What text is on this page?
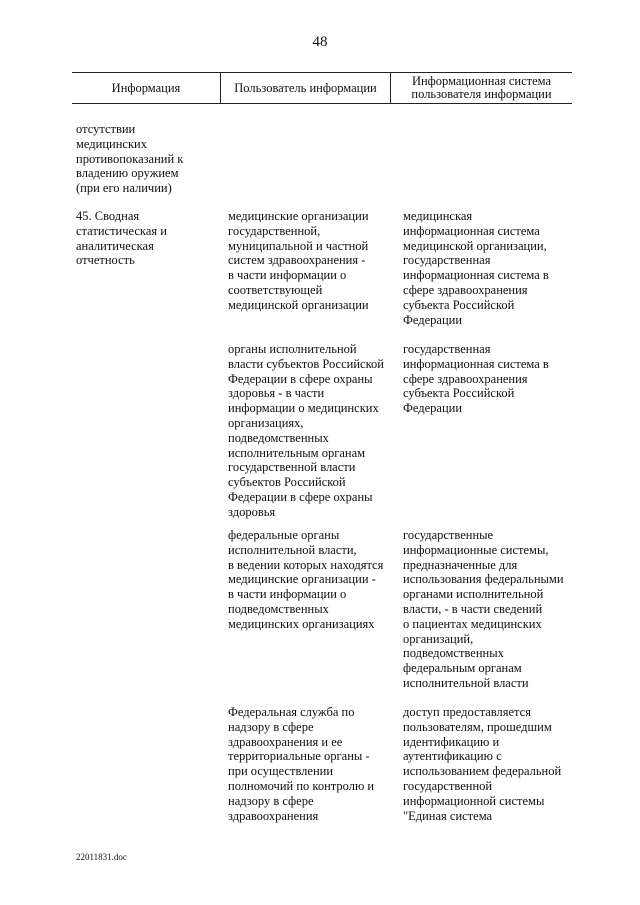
48
Информация	Пользователь информации	Информационная система
пользователя информации

отсутствии
медицинских
противопоказаний к
владению оружием
(при его наличии)

45. Сводная
статистическая и
аналитическая
отчетность

медицинские организации
государственной,
муниципальной и частной
систем здравоохранения -
в части информации о
соответствующей
медицинской организации

медицинская
информационная система
медицинской организации,
государственная
информационная система в
сфере здравоохранения
субъекта Российской
Федерации

органы исполнительной
власти субъектов Российской
Федерации в сфере охраны
здоровья - в части
информации о медицинских
организациях,
подведомственных
исполнительным органам
государственной власти
субъектов Российской
Федерации в сфере охраны
здоровья

государственная
информационная система в
сфере здравоохранения
субъекта Российской
Федерации

федеральные органы
исполнительной власти,
в ведении которых находятся
медицинские организации -
в части информации о
подведомственных
медицинских организациях

государственные
информационные системы,
предназначенные для
использования федеральными
органами исполнительной
власти, - в части сведений
о пациентах медицинских
организаций,
подведомственных
федеральным органам
исполнительной власти

Федеральная служба по
надзору в сфере
здравоохранения и ее
территориальные органы -
при осуществлении
полномочий по контролю и
надзору в сфере
здравоохранения

доступ предоставляется
пользователям, прошедшим
идентификацию и
аутентификацию с
использованием федеральной
государственной
информационной системы
"Единая система

22011831.doc
